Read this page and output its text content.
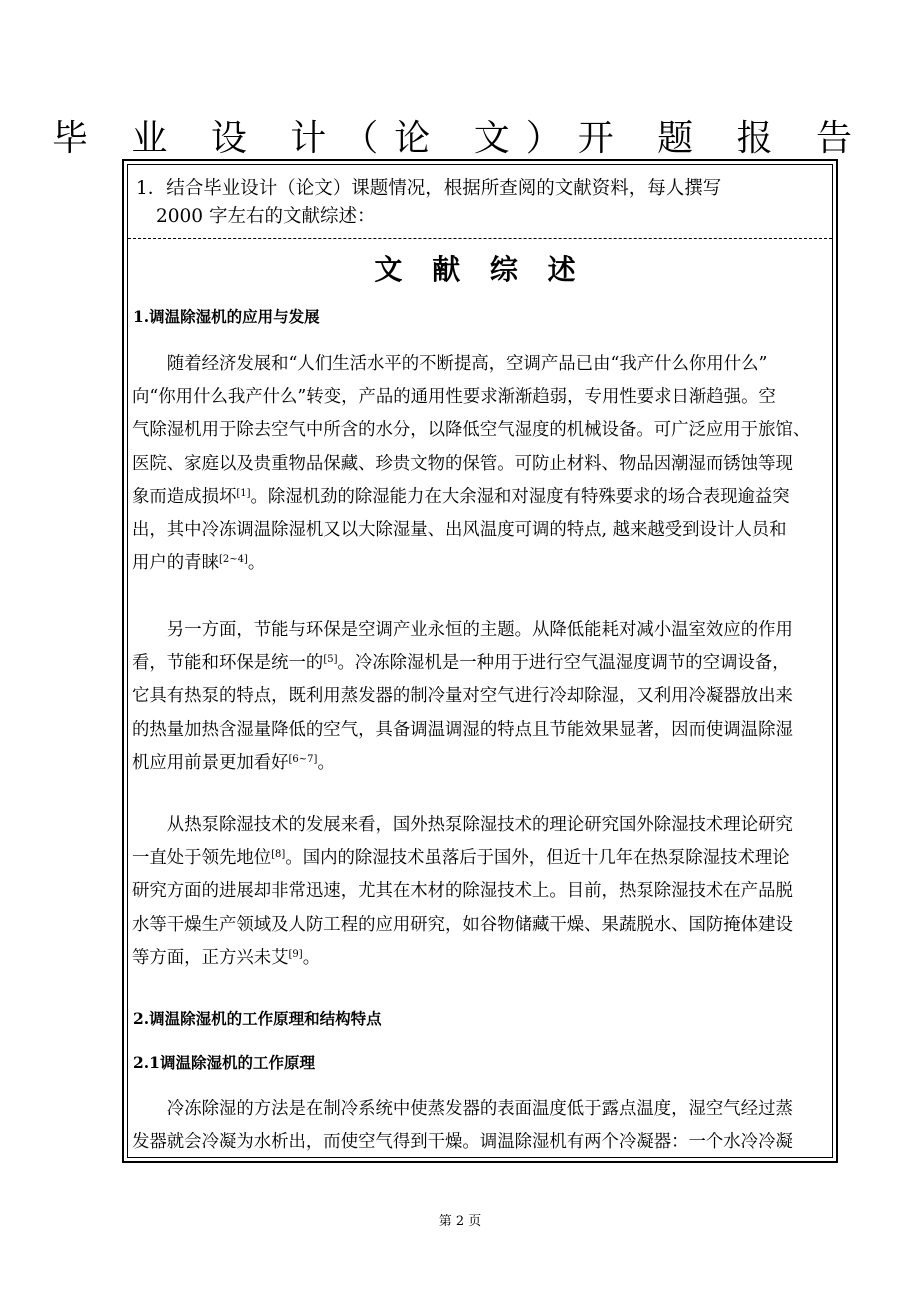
毕 业 设 计（论 文）开 题 报 告
1．结合毕业设计（论文）课题情况，根据所查阅的文献资料，每人撰写
2000 字左右的文献综述：
文 献 综 述
1.调温除湿机的应用与发展
随着经济发展和“人们生活水平的不断提高，空调产品已由“我产什么你用什么”
向“你用什么我产什么”转变，产品的通用性要求渐渐趋弱，专用性要求日渐趋强。空
气除湿机用于除去空气中所含的水分，以降低空气湿度的机械设备。可广泛应用于旅馆、
医院、家庭以及贵重物品保藏、珍贵文物的保管。可防止材料、物品因潮湿而锈蚀等现
象而造成损坏[1]。除湿机劲的除湿能力在大余湿和对湿度有特殊要求的场合表现逾益突
出，其中冷冻调温除湿机又以大除湿量、出风温度可调的特点, 越来越受到设计人员和
用户的青睐[2~4]。
另一方面，节能与环保是空调产业永恒的主题。从降低能耗对减小温室效应的作用
看，节能和环保是统一的[5]。冷冻除湿机是一种用于进行空气温湿度调节的空调设备，
它具有热泵的特点，既利用蒸发器的制冷量对空气进行冷却除湿，又利用冷凝器放出来
的热量加热含湿量降低的空气，具备调温调湿的特点且节能效果显著，因而使调温除湿
机应用前景更加看好[6~7]。
从热泵除湿技术的发展来看，国外热泵除湿技术的理论研究国外除湿技术理论研究
一直处于领先地位[8]。国内的除湿技术虽落后于国外，但近十几年在热泵除湿技术理论
研究方面的进展却非常迅速，尤其在木材的除湿技术上。目前，热泵除湿技术在产品脱
水等干燥生产领域及人防工程的应用研究，如谷物储藏干燥、果蔬脱水、国防掩体建设
等方面，正方兴未艾[9]。
2.调温除湿机的工作原理和结构特点
2.1调温除湿机的工作原理
冷冻除湿的方法是在制冷系统中使蒸发器的表面温度低于露点温度，湿空气经过蒸
发器就会冷凝为水析出，而使空气得到干燥。调温除湿机有两个冷凝器：一个水冷冷凝
第 2 页
